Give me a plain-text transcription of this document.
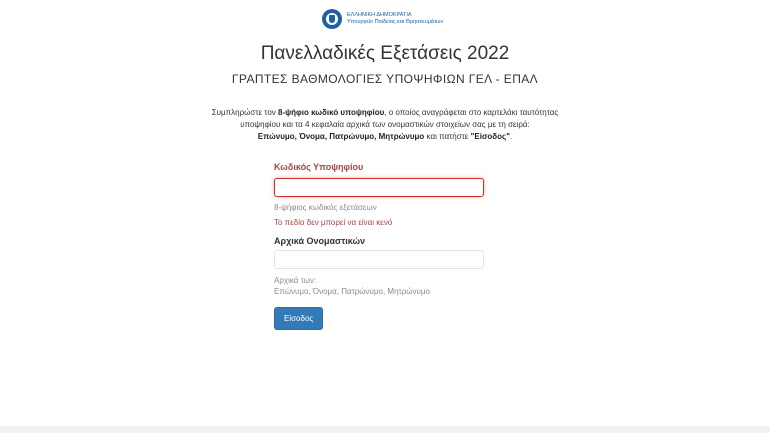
ΕΛΛΗΝΙΚΗ ΔΗΜΟΚΡΑΤΙΑ
Υπουργείο Παιδείας και Θρησκευμάτων
Πανελλαδικές Εξετάσεις 2022
ΓΡΑΠΤΕΣ ΒΑΘΜΟΛΟΓΙΕΣ ΥΠΟΨΗΦΙΩΝ ΓΕΛ - ΕΠΑΛ
Συμπληρώστε τον 8-ψήφιο κωδικό υποψηφίου, ο οποίος αναγράφεται στο καρτελάκι ταυτότητας υποψηφίου και τα 4 κεφαλαία αρχικά των ονομαστικών στοιχείων σας με τη σειρά:
Επώνυμο, Όνομα, Πατρώνυμο, Μητρώνυμο και πατήστε "Είσοδος".
Κωδικός Υποψηφίου
8-ψήφιος κωδικός εξετάσεων
Το πεδίο δεν μπορεί να είναι κενό
Αρχικά Ονομαστικών
Αρχικά των:
Επώνυμο, Όνομα, Πατρώνυμο, Μητρώνυμο
Είσοδος
